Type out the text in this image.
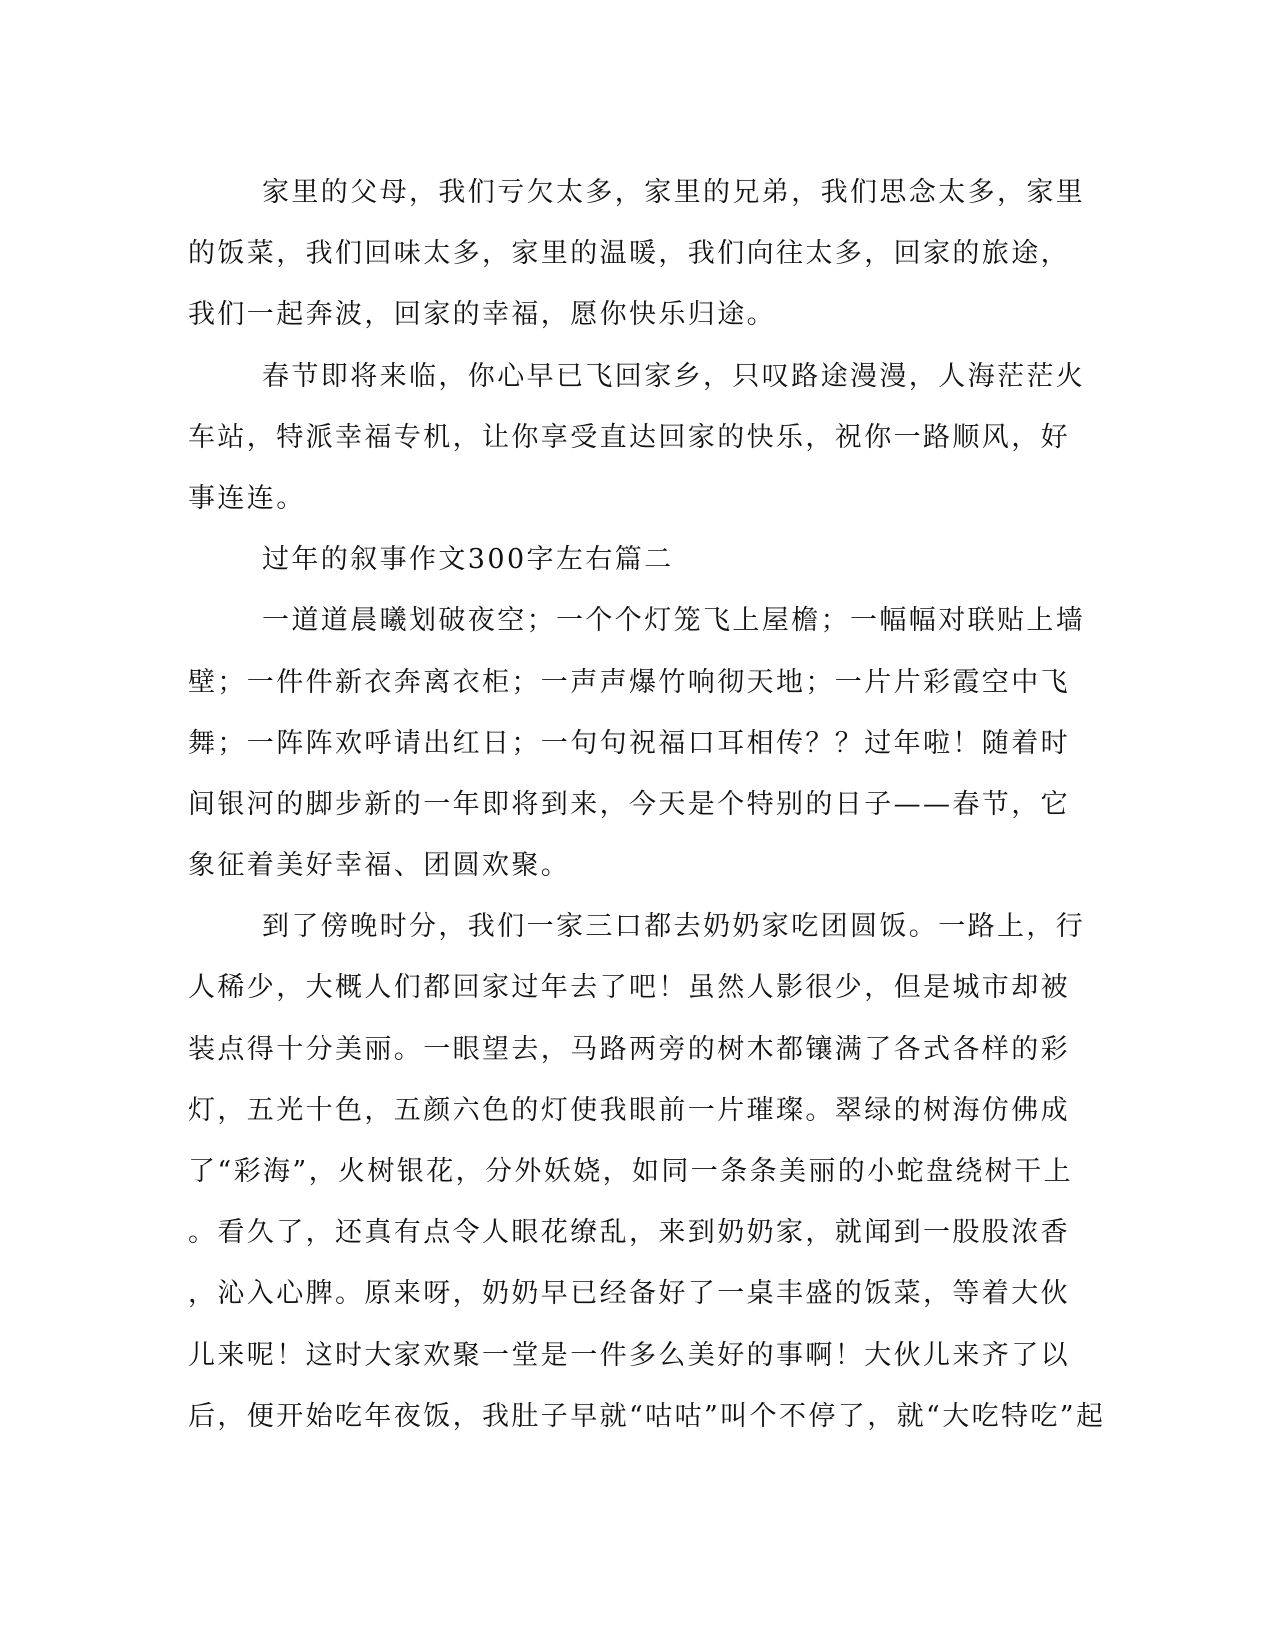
家里的父母，我们亏欠太多，家里的兄弟，我们思念太多，家里
的饭菜，我们回味太多，家里的温暖，我们向往太多，回家的旅途，
我们一起奔波，回家的幸福，愿你快乐归途。
春节即将来临，你心早已飞回家乡，只叹路途漫漫，人海茫茫火
车站，特派幸福专机，让你享受直达回家的快乐，祝你一路顺风，好
事连连。
过年的叙事作文300字左右篇二
一道道晨曦划破夜空；一个个灯笼飞上屋檐；一幅幅对联贴上墙
壁；一件件新衣奔离衣柜；一声声爆竹响彻天地；一片片彩霞空中飞
舞；一阵阵欢呼请出红日；一句句祝福口耳相传？？过年啦！随着时
间银河的脚步新的一年即将到来，今天是个特别的日子——春节，它
象征着美好幸福、团圆欢聚。
到了傍晚时分，我们一家三口都去奶奶家吃团圆饭。一路上，行
人稀少，大概人们都回家过年去了吧！虽然人影很少，但是城市却被
装点得十分美丽。一眼望去，马路两旁的树木都镶满了各式各样的彩
灯，五光十色，五颜六色的灯使我眼前一片璀璨。翠绿的树海仿佛成
了“彩海”，火树银花，分外妖娆，如同一条条美丽的小蛇盘绕树干上
。看久了，还真有点令人眼花缭乱，来到奶奶家，就闻到一股股浓香
，沁入心脾。原来呀，奶奶早已经备好了一桌丰盛的饭菜，等着大伙
儿来呢！这时大家欢聚一堂是一件多么美好的事啊！大伙儿来齐了以
后，便开始吃年夜饭，我肚子早就“咕咕”叫个不停了，就“大吃特吃”起
